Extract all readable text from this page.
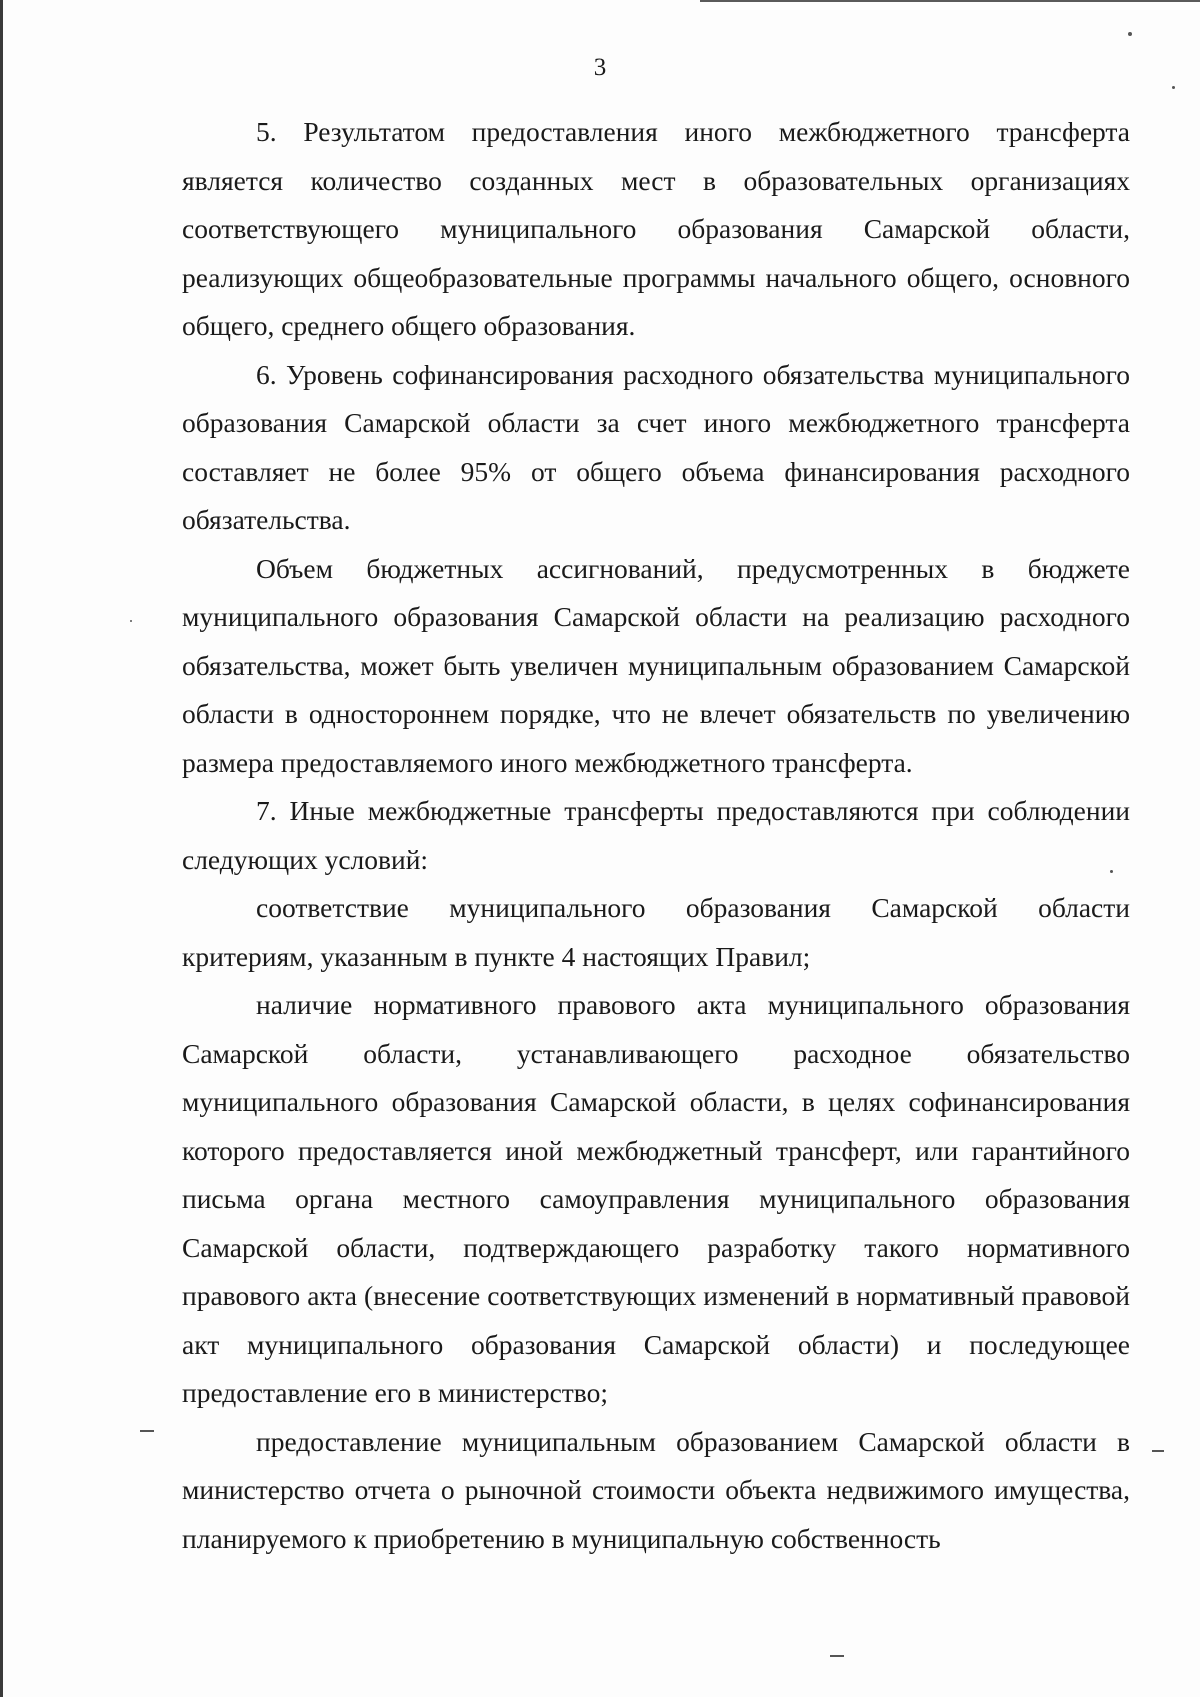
3

5. Результатом предоставления иного межбюджетного трансферта является количество созданных мест в образовательных организациях соответствующего муниципального образования Самарской области, реализующих общеобразовательные программы начального общего, основного общего, среднего общего образования.

6. Уровень софинансирования расходного обязательства муниципального образования Самарской области за счет иного межбюджетного трансферта составляет не более 95% от общего объема финансирования расходного обязательства.

Объем бюджетных ассигнований, предусмотренных в бюджете муниципального образования Самарской области на реализацию расходного обязательства, может быть увеличен муниципальным образованием Самарской области в одностороннем порядке, что не влечет обязательств по увеличению размера предоставляемого иного межбюджетного трансферта.

7. Иные межбюджетные трансферты предоставляются при соблюдении следующих условий:

соответствие муниципального образования Самарской области критериям, указанным в пункте 4 настоящих Правил;

наличие нормативного правового акта муниципального образования Самарской области, устанавливающего расходное обязательство муниципального образования Самарской области, в целях софинансирования которого предоставляется иной межбюджетный трансферт, или гарантийного письма органа местного самоуправления муниципального образования Самарской области, подтверждающего разработку такого нормативного правового акта (внесение соответствующих изменений в нормативный правовой акт муниципального образования Самарской области) и последующее предоставление его в министерство;

предоставление муниципальным образованием Самарской области в министерство отчета о рыночной стоимости объекта недвижимого имущества, планируемого к приобретению в муниципальную собственность
